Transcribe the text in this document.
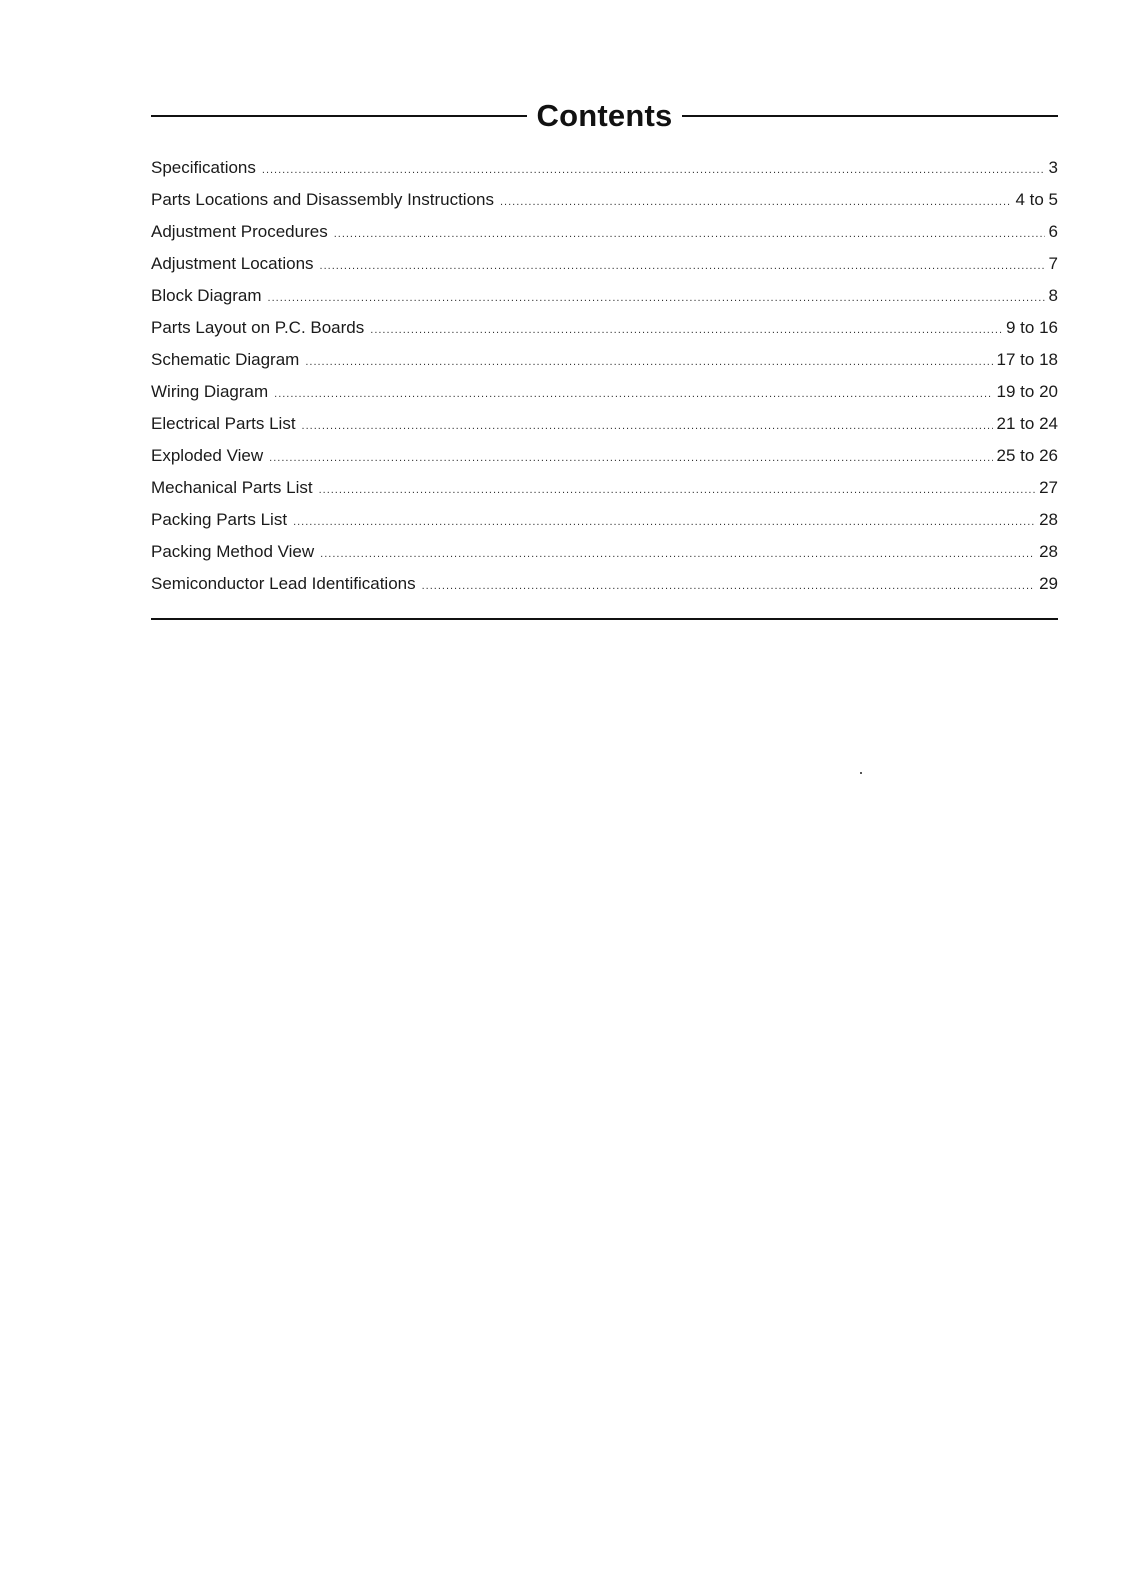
Contents
Specifications .....	3
Parts Locations and Disassembly Instructions .....	4 to 5
Adjustment Procedures .....	6
Adjustment Locations .....	7
Block Diagram .....	8
Parts Layout on P.C. Boards .....	9 to 16
Schematic Diagram .....	17 to 18
Wiring Diagram .....	19 to 20
Electrical Parts List .....	21 to 24
Exploded View .....	25 to 26
Mechanical Parts List .....	27
Packing Parts List .....	28
Packing Method View .....	28
Semiconductor Lead Identifications .....	29
